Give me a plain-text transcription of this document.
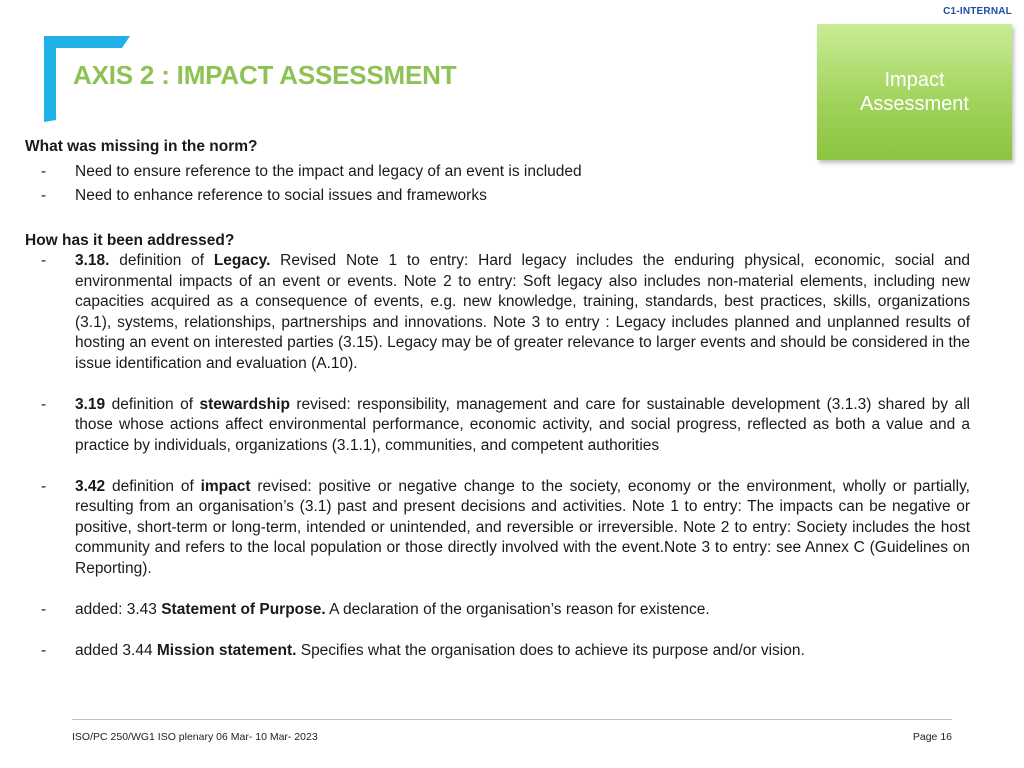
C1-INTERNAL
AXIS 2 : IMPACT ASSESSMENT	Impact
Assessment

What was missing in the norm?

- Need to ensure reference to the impact and legacy of an event is included

- Need to enhance reference to social issues and frameworks

How has it been addressed?

- 3.18. definition of Legacy. Revised Note 1 to entry: Hard legacy includes the enduring physical, economic, social and environmental impacts of an event or events. Note 2 to entry: Soft legacy also includes non-material elements, including new capacities acquired as a consequence of events, e.g. new knowledge, training, standards, best practices, skills, organizations (3.1), systems, relationships, partnerships and innovations. Note 3 to entry : Legacy includes planned and unplanned results of hosting an event on interested parties (3.15). Legacy may be of greater relevance to larger events and should be considered in the issue identification and evaluation (A.10).

- 3.19 definition of stewardship revised: responsibility, management and care for sustainable development (3.1.3) shared by all those whose actions affect environmental performance, economic activity, and social progress, reflected as both a value and a practice by individuals, organizations (3.1.1), communities, and competent authorities

- 3.42 definition of impact revised: positive or negative change to the society, economy or the environment, wholly or partially, resulting from an organisation’s (3.1) past and present decisions and activities. Note 1 to entry: The impacts can be negative or positive, short-term or long-term, intended or unintended, and reversible or irreversible. Note 2 to entry: Society includes the host community and refers to the local population or those directly involved with the event.Note 3 to entry: see Annex C (Guidelines on Reporting).

- added: 3.43 Statement of Purpose. A declaration of the organisation’s reason for existence.

- added 3.44 Mission statement. Specifies what the organisation does to achieve its purpose and/or vision.

ISO/PC 250/WG1 ISO plenary 06 Mar- 10 Mar- 2023	Page 16
